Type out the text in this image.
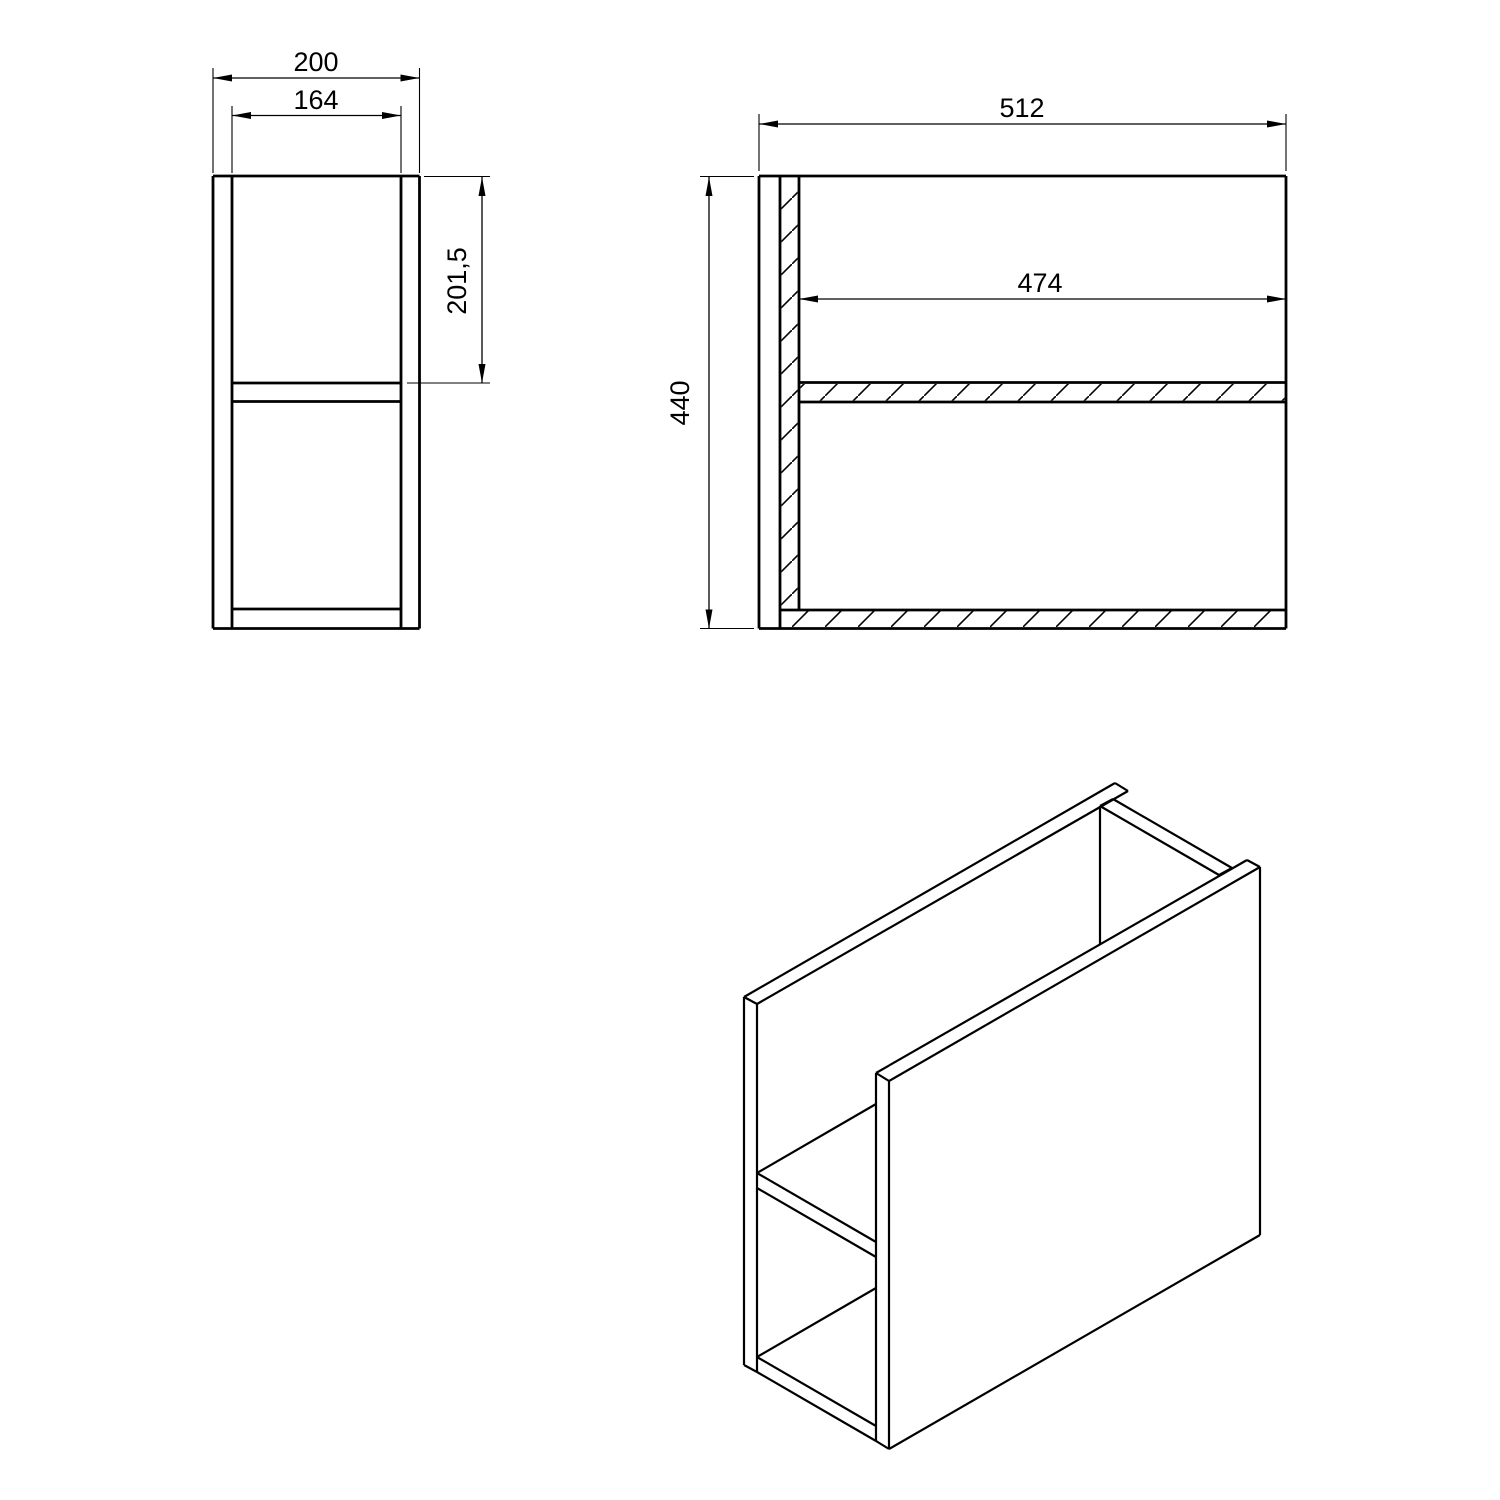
200
164
201,5
512
474
440
